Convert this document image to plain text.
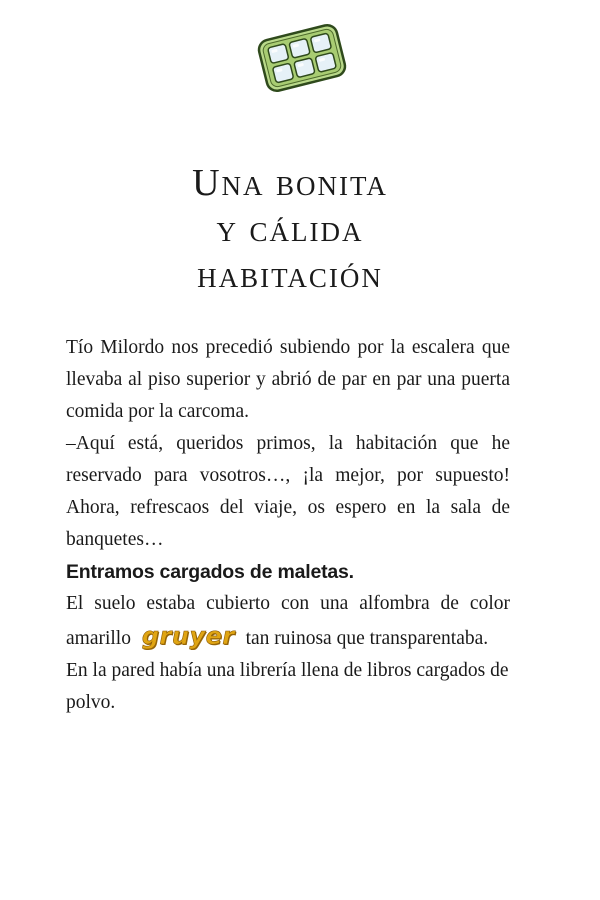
Una bonita
y cálida
habitación

Tío Milordo nos precedió subiendo por la escalera que llevaba al piso superior y abrió de par en par una puerta comida por la carcoma.

–Aquí está, queridos primos, la habitación que he reservado para vosotros…, ¡la mejor, por supuesto! Ahora, refrescaos del viaje, os espero en la sala de banquetes…

Entramos cargados de maletas.

El suelo estaba cubierto con una alfombra de color amarillo gruyer tan ruinosa que transparentaba.

En la pared había una librería llena de libros cargados de polvo.
